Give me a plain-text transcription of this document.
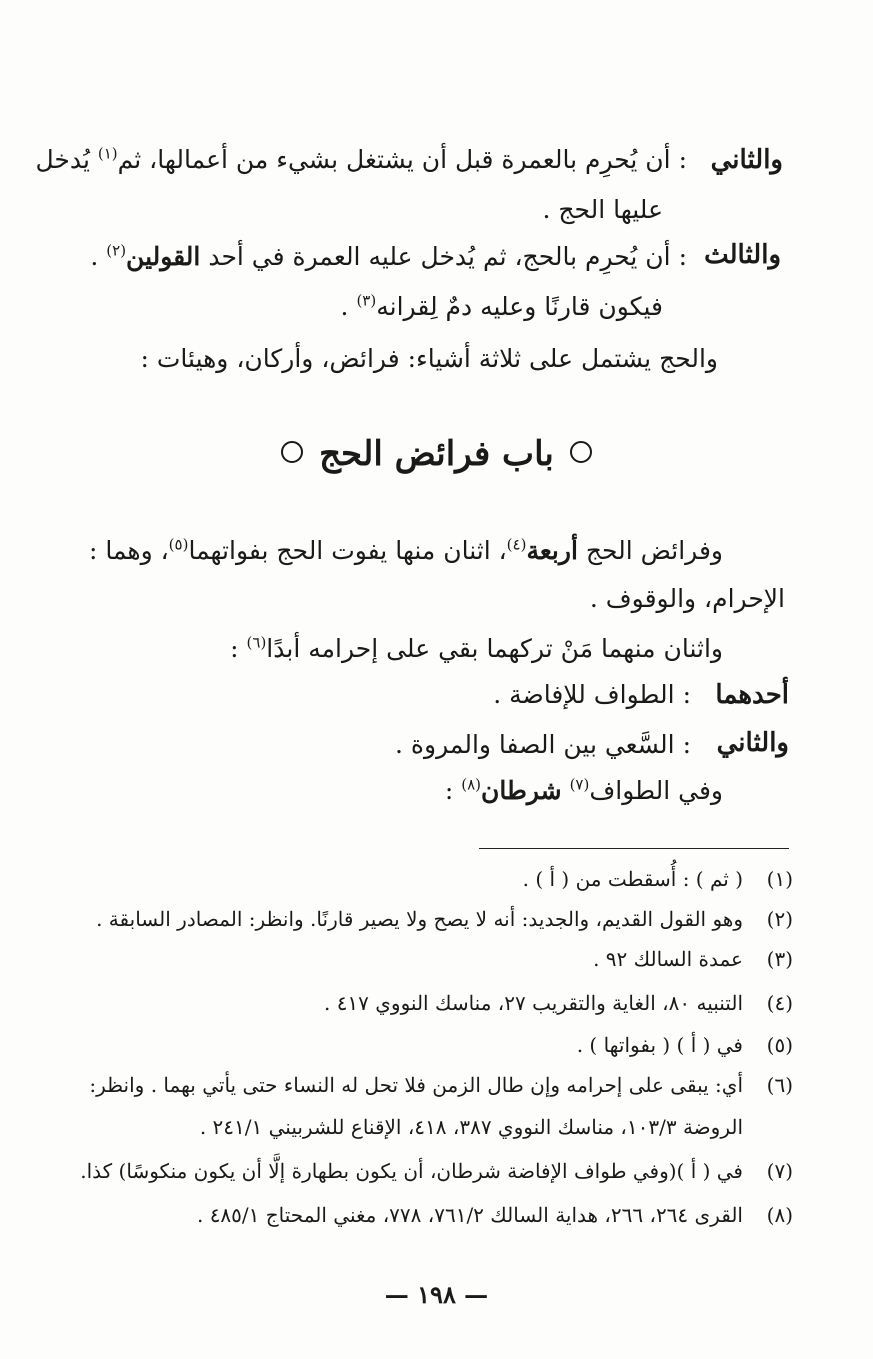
والثاني
: أن يُحرِم بالعمرة قبل أن يشتغل بشيء من أعمالها، ثم$^{(١)}$ يُدخل
عليها الحج .
والثالث
: أن يُحرِم بالحج، ثم يُدخل عليه العمرة في أحد القولين$^{(٢)}$ .
فيكون قارنًا وعليه دمٌ لِقرانه$^{(٣)}$ .
والحج يشتمل على ثلاثة أشياء: فرائض، وأركان، وهيئات :
باب فرائض الحج
وفرائض الحج أربعة$^{(٤)}$، اثنان منها يفوت الحج بفواتهما$^{(٥)}$، وهما :
الإحرام، والوقوف .
واثنان منهما مَنْ تركهما بقي على إحرامه أبدًا$^{(٦)}$ :
أحدهما
: الطواف للإفاضة .
والثاني
: السَّعي بين الصفا والمروة .
وفي الطواف$^{(٧)}$ شرطان$^{(٨)}$ :
(١)
( ثم ) : أُسقطت من ( أ ) .
(٢)
وهو القول القديم، والجديد: أنه لا يصح ولا يصير قارنًا. وانظر: المصادر السابقة .
(٣)
عمدة السالك ٩٢ .
(٤)
التنبيه ٨٠، الغاية والتقريب ٢٧، مناسك النووي ٤١٧ .
(٥)
في ( أ ) ( بفواتها ) .
(٦)
أي: يبقى على إحرامه وإن طال الزمن فلا تحل له النساء حتى يأتي بهما . وانظر:
الروضة ١٠٣/٣، مناسك النووي ٣٨٧، ٤١٨، الإقناع للشربيني ٢٤١/١ .
(٧)
في ( أ )(وفي طواف الإفاضة شرطان، أن يكون بطهارة إلَّا أن يكون منكوسًا) كذا.
(٨)
القرى ٢٦٤، ٢٦٦، هداية السالك ٧٦١/٢، ٧٧٨، مغني المحتاج ٤٨٥/١ .
— ١٩٨ —
